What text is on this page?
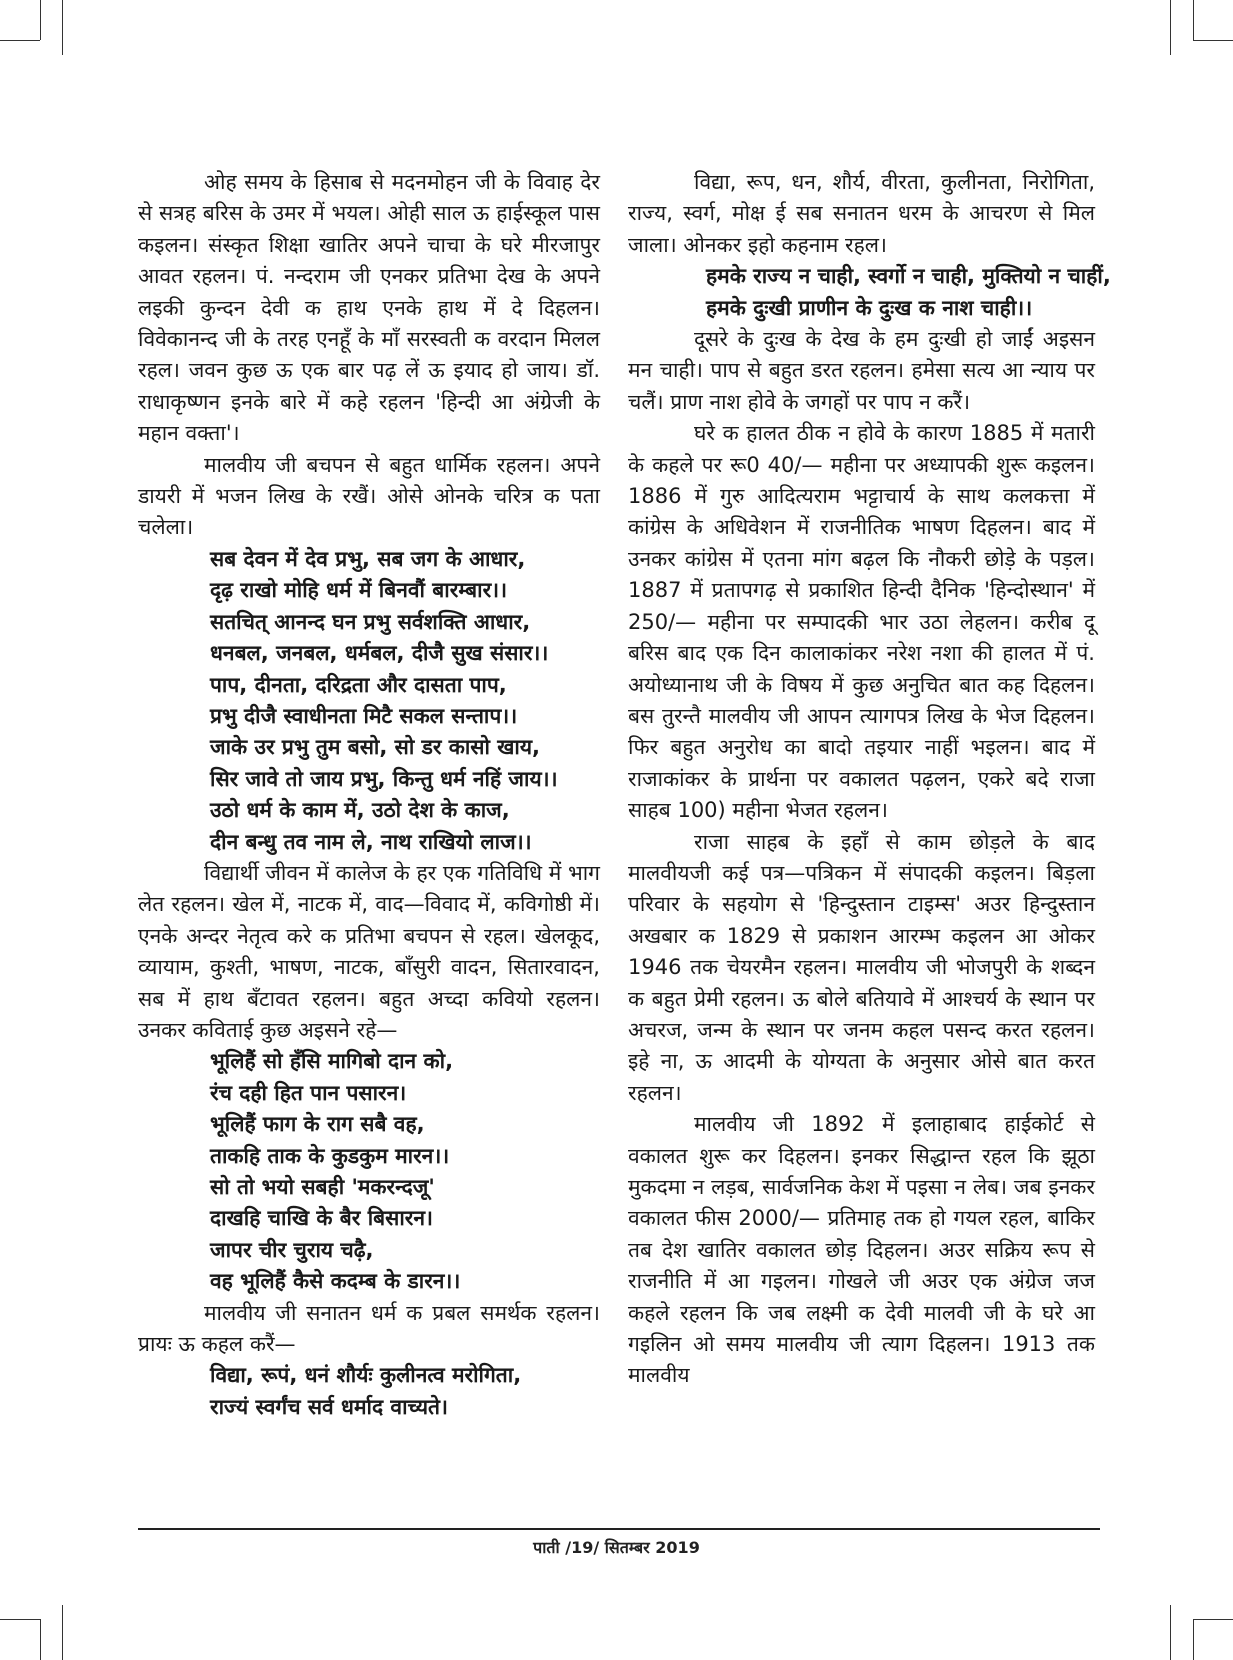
ओह समय के हिसाब से मदनमोहन जी के विवाह देर से सत्रह बरिस के उमर में भयल। ओही साल ऊ हाईस्कूल पास कइलन। संस्कृत शिक्षा खातिर अपने चाचा के घरे मीरजापुर आवत रहलन। पं. नन्दराम जी एनकर प्रतिभा देख के अपने लइकी कुन्दन देवी क हाथ एनके हाथ में दे दिहलन। विवेकानन्द जी के तरह एनहूँ के माँ सरस्वती क वरदान मिलल रहल। जवन कुछ ऊ एक बार पढ़ लें ऊ इयाद हो जाय। डॉ. राधाकृष्णन इनके बारे में कहे रहलन 'हिन्दी आ अंग्रेजी के महान वक्ता'।

मालवीय जी बचपन से बहुत धार्मिक रहलन। अपने डायरी में भजन लिख के रखैं। ओसे ओनके चरित्र क पता चलेला।

सब देवन में देव प्रभु, सब जग के आधार,

दृढ़ राखो मोहि धर्म में बिनवौं बारम्बार।।

सतचित् आनन्द घन प्रभु सर्वशक्ति आधार,

धनबल, जनबल, धर्मबल, दीजै सुख संसार।।

पाप, दीनता, दरिद्रता और दासता पाप,

प्रभु दीजै स्वाधीनता मिटै सकल सन्ताप।।

जाके उर प्रभु तुम बसो, सो डर कासो खाय,

सिर जावे तो जाय प्रभु, किन्तु धर्म नहिं जाय।।

उठो धर्म के काम में, उठो देश के काज,

दीन बन्धु तव नाम ले, नाथ राखियो लाज।।

विद्यार्थी जीवन में कालेज के हर एक गतिविधि में भाग लेत रहलन। खेल में, नाटक में, वाद—विवाद में, कविगोष्ठी में। एनके अन्दर नेतृत्व करे क प्रतिभा बचपन से रहल। खेलकूद, व्यायाम, कुश्ती, भाषण, नाटक, बाँसुरी वादन, सितारवादन, सब में हाथ बँटावत रहलन। बहुत अच्दा कवियो रहलन। उनकर कविताई कुछ अइसने रहे—

भूलिहैं सो हँसि मागिबो दान को,

रंच दही हित पान पसारन।

भूलिहैं फाग के राग सबै वह,

ताकहि ताक के कुडकुम मारन।।

सो तो भयो सबही 'मकरन्दजू'

दाखहि चाखि के बैर बिसारन।

जापर चीर चुराय चढ़ै,

वह भूलिहैं कैसे कदम्ब के डारन।।

मालवीय जी सनातन धर्म क प्रबल समर्थक रहलन। प्रायः ऊ कहल करैं—

विद्या, रूपं, धनं शौर्यः कुलीनत्व मरोगिता,

राज्यं स्वर्गंच सर्व धर्माद वाच्यते।

विद्या, रूप, धन, शौर्य, वीरता, कुलीनता, निरोगिता, राज्य, स्वर्ग, मोक्ष ई सब सनातन धरम के आचरण से मिल जाला। ओनकर इहो कहनाम रहल।

हमके राज्य न चाही, स्वर्गो न चाही, मुक्तियो न चाहीं,

हमके दुःखी प्राणीन के दुःख क नाश चाही।।

दूसरे के दुःख के देख के हम दुःखी हो जाईं अइसन मन चाही। पाप से बहुत डरत रहलन। हमेसा सत्य आ न्याय पर चलैं। प्राण नाश होवे के जगहों पर पाप न करैं।

घरे क हालत ठीक न होवे के कारण 1885 में मतारी के कहले पर रू0 40/— महीना पर अध्यापकी शुरू कइलन। 1886 में गुरु आदित्यराम भट्टाचार्य के साथ कलकत्ता में कांग्रेस के अधिवेशन में राजनीतिक भाषण दिहलन। बाद में उनकर कांग्रेस में एतना मांग बढ़ल कि नौकरी छोड़े के पड़ल। 1887 में प्रतापगढ़ से प्रकाशित हिन्दी दैनिक 'हिन्दोस्थान' में 250/— महीना पर सम्पादकी भार उठा लेहलन। करीब दू बरिस बाद एक दिन कालाकांकर नरेश नशा की हालत में पं. अयोध्यानाथ जी के विषय में कुछ अनुचित बात कह दिहलन। बस तुरन्तै मालवीय जी आपन त्यागपत्र लिख के भेज दिहलन। फिर बहुत अनुरोध का बादो तइयार नाहीं भइलन। बाद में राजाकांकर के प्रार्थना पर वकालत पढ़लन, एकरे बदे राजा साहब 100) महीना भेजत रहलन।

राजा साहब के इहाँ से काम छोड़ले के बाद मालवीयजी कई पत्र—पत्रिकन में संपादकी कइलन। बिड़ला परिवार के सहयोग से 'हिन्दुस्तान टाइम्स' अउर हिन्दुस्तान अखबार क 1829 से प्रकाशन आरम्भ कइलन आ ओकर 1946 तक चेयरमैन रहलन। मालवीय जी भोजपुरी के शब्दन क बहुत प्रेमी रहलन। ऊ बोले बतियावे में आश्चर्य के स्थान पर अचरज, जन्म के स्थान पर जनम कहल पसन्द करत रहलन। इहे ना, ऊ आदमी के योग्यता के अनुसार ओसे बात करत रहलन।

मालवीय जी 1892 में इलाहाबाद हाईकोर्ट से वकालत शुरू कर दिहलन। इनकर सिद्धान्त रहल कि झूठा मुकदमा न लड़ब, सार्वजनिक केश में पइसा न लेब। जब इनकर वकालत फीस 2000/— प्रतिमाह तक हो गयल रहल, बाकिर तब देश खातिर वकालत छोड़ दिहलन। अउर सक्रिय रूप से राजनीति में आ गइलन। गोखले जी अउर एक अंग्रेज जज कहले रहलन कि जब लक्ष्मी क देवी मालवी जी के घरे आ गइलिन ओ समय मालवीय जी त्याग दिहलन। 1913 तक मालवीय

पाती /19/ सितम्बर 2019
